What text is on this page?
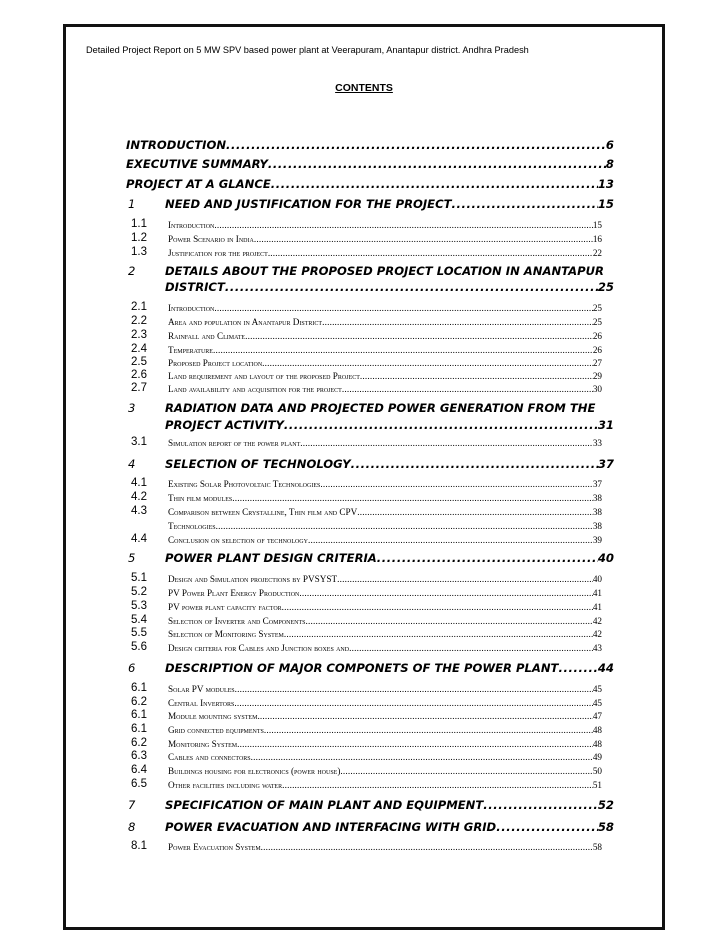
Detailed Project Report on 5 MW SPV based power plant at Veerapuram, Anantapur district. Andhra Pradesh
CONTENTS
INTRODUCTION .....	6
EXECUTIVE SUMMARY .....	8
PROJECT AT A GLANCE .....	13
1	NEED AND JUSTIFICATION FOR THE PROJECT .....	15
1.1 Introduction .....	15
1.2 Power Scenario in India .....	16
1.3 Justification for the project .....	22
2	DETAILS ABOUT THE PROPOSED PROJECT LOCATION IN ANANTAPUR
DISTRICT .....	25
2.1 Introduction .....	25
2.2 Area and population in Anantapur District .....	25
2.3 Rainfall and Climate .....	26
2.4 Temperature .....	26
2.5 Proposed Project location .....	27
2.6 Land requirement and layout of the proposed Project .....	29
2.7 Land availability and acquisition for the project .....	30
3	RADIATION DATA AND PROJECTED POWER GENERATION FROM THE
PROJECT ACTIVITY .....	31
3.1 Simulation report of the power plant .....	33
4	SELECTION OF TECHNOLOGY .....	37
4.1 Existing Solar Photovoltaic Technologies .....	37
4.2 Thin film modules .....	38
4.3 Comparison between Crystalline, Thin film and CPV .....	38
Technologies .....	38
4.4 Conclusion on selection of technology .....	39
5	POWER PLANT DESIGN CRITERIA .....	40
5.1 Design and Simulation projections by PVSYST .....	40
5.2 PV Power Plant Energy Production .....	41
5.3 PV power plant capacity factor .....	41
5.4 Selection of Inverter and Components .....	42
5.5 Selection of Monitoring System .....	42
5.6 Design criteria for Cables and Junction boxes and .....	43
6	DESCRIPTION OF MAJOR COMPONETS OF THE POWER PLANT .....	44
6.1 Solar PV modules .....	45
6.2 Central Invertors .....	45
6.1 Module mounting system .....	47
6.1 Grid connected equipments .....	48
6.2 Monitoring System .....	48
6.3 Cables and connectors .....	49
6.4 Buildings housing for electronics (power house) .....	50
6.5 Other facilities including water .....	51
7	SPECIFICATION OF MAIN PLANT AND EQUIPMENT .....	52
8	POWER EVACUATION AND INTERFACING WITH GRID .....	58
8.1 Power Evacuation System .....	58
